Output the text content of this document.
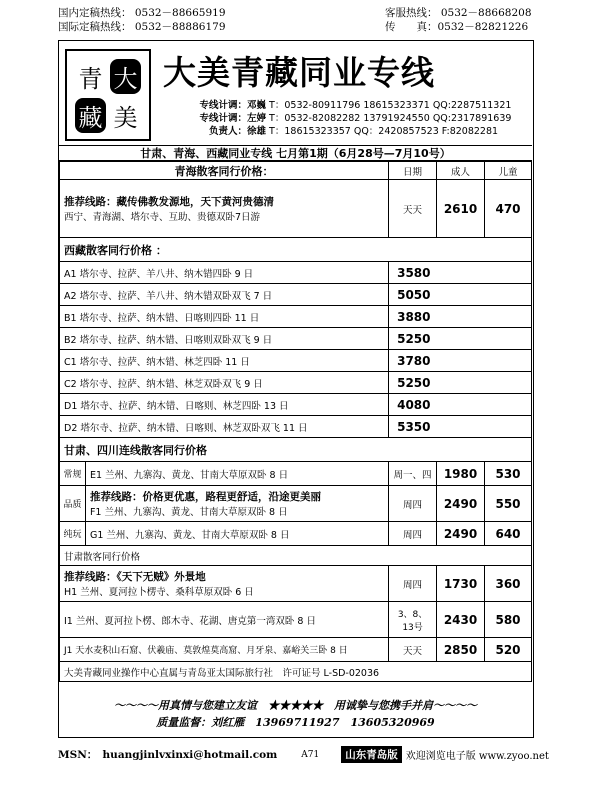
国内定稿热线： 0532－88665919	客服热线： 0532－88668208
国际定稿热线： 0532－88886179	传　　真：0532－82821226
青 大
藏 美
大美青藏同业专线
专线计调：邓巍 T：0532-80911796 18615323371 QQ:2287511321
专线计调：左婷 T：0532-82082282 13791924550 QQ:2317891639
负责人：徐雄 T：18615323357 QQ：2420857523 F:82082281
甘肃、青海、西藏同业专线 七月第1期（6月28号—7月10号）
青海散客同行价格：		日期	成人	儿童

推荐线路：藏传佛教发源地，天下黄河贵德清
西宁、青海湖、塔尔寺、互助、贵德双卧7日游		天天	2610	470
西藏散客同行价格 ：				
A1 塔尔寺、拉萨、羊八井、纳木错四卧 9 日		3580		
A2 塔尔寺、拉萨、羊八井、纳木错双卧双飞 7 日		5050		
B1 塔尔寺、拉萨、纳木错、日喀则四卧 11 日		3880		
B2 塔尔寺、拉萨、纳木错、日喀则双卧双飞 9 日		5250		
C1 塔尔寺、拉萨、纳木错、林芝四卧 11 日		3780		
C2 塔尔寺、拉萨、纳木错、林芝双卧双飞 9 日		5250		
D1 塔尔寺、拉萨、纳木错、日喀则、林芝四卧 13 日		4080		
D2 塔尔寺、拉萨、纳木错、日喀则、林芝双卧双飞 11 日		5350		
甘肃、四川连线散客同行价格				
常规	E1 兰州、九寨沟、黄龙、甘南大草原双卧 8 日	周一、四	1980	530
品质	推荐线路：价格更优惠，路程更舒适，沿途更美丽
F1 兰州、九寨沟、黄龙、甘南大草原双卧 8 日	周四	2490	550
纯玩	G1 兰州、九寨沟、黄龙、甘南大草原双卧 8 日	周四	2490	640
甘肃散客同行价格				

推荐线路：《天下无贼》外景地
H1 兰州、夏河拉卜楞寺、桑科草原双卧 6 日		周四	1730	360
I1 兰州、夏河拉卜楞、郎木寺、花湖、唐克第一湾双卧 8 日		3、8、13号	2430	580
J1 天水麦积山石窟、伏羲庙、莫敦煌莫高窟、月牙泉、嘉峪关三卧 8 日		天天	2850	520
大美青藏同业操作中心直属与青岛亚太国际旅行社　许可证号 L-SD-02036				
～～～～用真情与您建立友谊　★★★★★　用诚挚与您携手并肩～～～～
质量监督：刘红雁　13969711927　13605320969
MSN：　huangjinlvxinxi@hotmail.com	A71	山东青岛版 欢迎浏览电子版 www.zyoo.net
